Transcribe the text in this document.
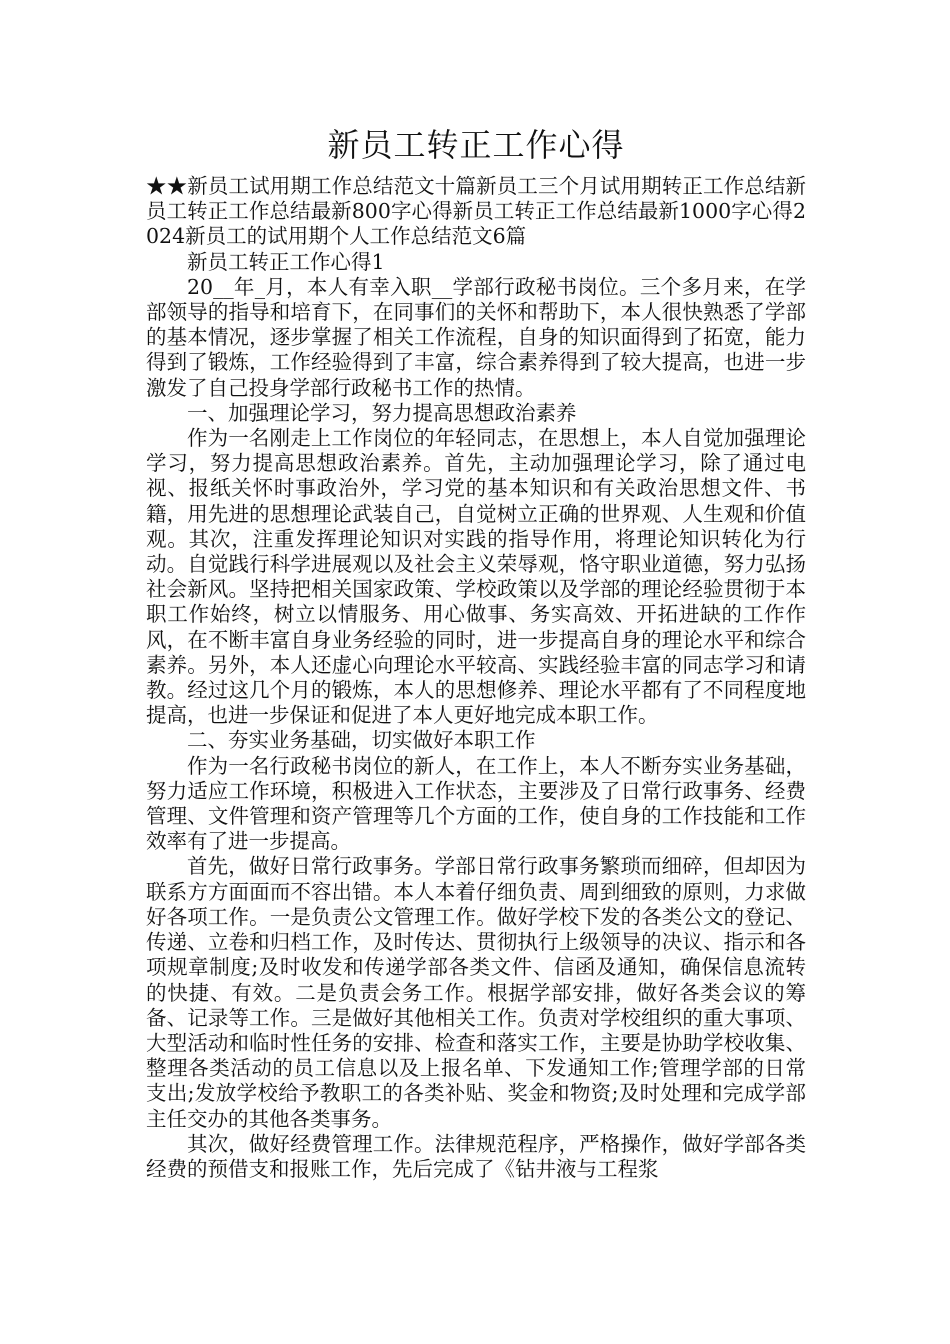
新员工转正工作心得

★★新员工试用期工作总结范文十篇新员工三个月试用期转正工作总结新员工转正工作总结最新800字心得新员工转正工作总结最新1000字心得2024新员工的试用期个人工作总结范文6篇

新员工转正工作心得1

20__年_月，本人有幸入职__学部行政秘书岗位。三个多月来，在学部领导的指导和培育下，在同事们的关怀和帮助下，本人很快熟悉了学部的基本情况，逐步掌握了相关工作流程，自身的知识面得到了拓宽，能力得到了锻炼，工作经验得到了丰富，综合素养得到了较大提高，也进一步激发了自己投身学部行政秘书工作的热情。

一、加强理论学习，努力提高思想政治素养

作为一名刚走上工作岗位的年轻同志，在思想上，本人自觉加强理论学习，努力提高思想政治素养。首先，主动加强理论学习，除了通过电视、报纸关怀时事政治外，学习党的基本知识和有关政治思想文件、书籍，用先进的思想理论武装自己，自觉树立正确的世界观、人生观和价值观。其次，注重发挥理论知识对实践的指导作用，将理论知识转化为行动。自觉践行科学进展观以及社会主义荣辱观，恪守职业道德，努力弘扬社会新风。坚持把相关国家政策、学校政策以及学部的理论经验贯彻于本职工作始终，树立以情服务、用心做事、务实高效、开拓进缺的工作作风，在不断丰富自身业务经验的同时，进一步提高自身的理论水平和综合素养。另外，本人还虚心向理论水平较高、实践经验丰富的同志学习和请教。经过这几个月的锻炼，本人的思想修养、理论水平都有了不同程度地提高，也进一步保证和促进了本人更好地完成本职工作。

二、夯实业务基础，切实做好本职工作

作为一名行政秘书岗位的新人，在工作上，本人不断夯实业务基础，努力适应工作环境，积极进入工作状态，主要涉及了日常行政事务、经费管理、文件管理和资产管理等几个方面的工作，使自身的工作技能和工作效率有了进一步提高。

首先，做好日常行政事务。学部日常行政事务繁琐而细碎，但却因为联系方方面面而不容出错。本人本着仔细负责、周到细致的原则，力求做好各项工作。一是负责公文管理工作。做好学校下发的各类公文的登记、传递、立卷和归档工作，及时传达、贯彻执行上级领导的决议、指示和各项规章制度;及时收发和传递学部各类文件、信函及通知，确保信息流转的快捷、有效。二是负责会务工作。根据学部安排，做好各类会议的筹备、记录等工作。三是做好其他相关工作。负责对学校组织的重大事项、大型活动和临时性任务的安排、检查和落实工作，主要是协助学校收集、整理各类活动的员工信息以及上报名单、下发通知工作;管理学部的日常支出;发放学校给予教职工的各类补贴、奖金和物资;及时处理和完成学部主任交办的其他各类事务。

其次，做好经费管理工作。法律规范程序，严格操作，做好学部各类经费的预借支和报账工作，先后完成了《钻井液与工程浆
